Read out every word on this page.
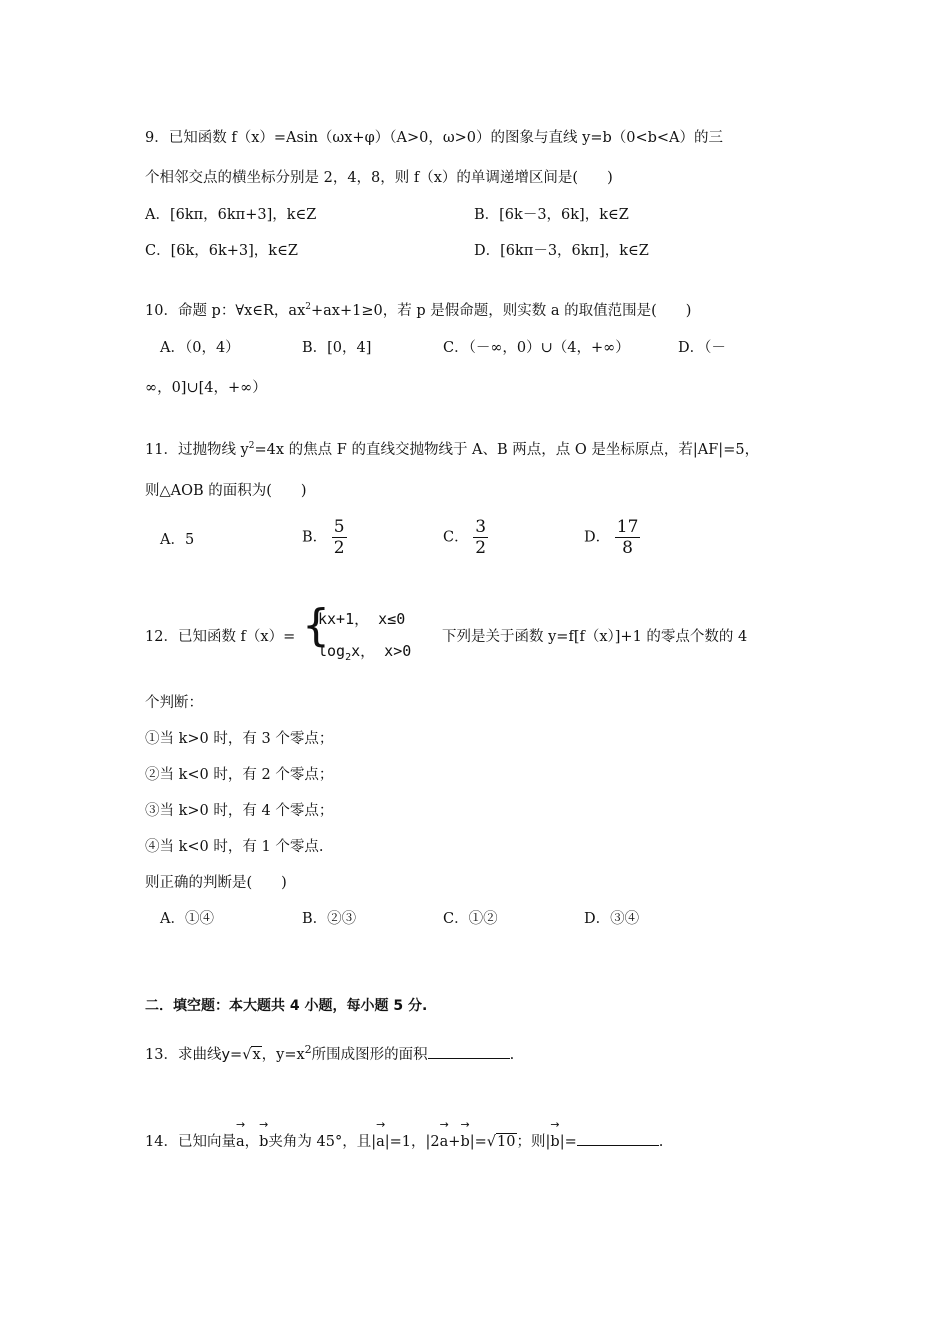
9．已知函数 f（x）=Asin（ωx+φ）（A>0，ω>0）的图象与直线 y=b（0<b<A）的三
个相邻交点的横坐标分别是 2，4，8，则 f（x）的单调递增区间是(　　)
A．[6kπ，6kπ+3]，k∈Z	B．[6k－3，6k]，k∈Z
C．[6k，6k+3]，k∈Z	D．[6kπ－3，6kπ]，k∈Z
10．命题 p：∀x∈R，$ax^2+ax+1\ge 0$，若 p 是假命题，则实数 a 的取值范围是(　　)
A．（0，4）	B．[0，4]	C．（－∞，0）∪（4，+∞）	D．（－
∞，0]∪[4，+∞）
11．过抛物线 $y^2=4x$ 的焦点 F 的直线交抛物线于 A、B 两点，点 O 是坐标原点，若|AF|=5，
则△AOB 的面积为(　　)
A．5	B． $\frac{5}{2}$	C． $\frac{3}{2}$	D． $\frac{17}{8}$
12．已知函数 f（x）= {
kx+1， x≤0
$\log_2x$， x>0
下列是关于函数 y=f[f（x）]+1 的零点个数的 4
个判断：
①当 k>0 时，有 3 个零点；
②当 k<0 时，有 2 个零点；
③当 k>0 时，有 4 个零点；
④当 k<0 时，有 1 个零点.
则正确的判断是(　　)
A．①④	B．②③	C．①②	D．③④
二．填空题：本大题共 4 小题，每小题 5 分.
13．求曲线y=√x，$y=x^2$所围成图形的面积	.
14．已知向量→ a，→ b夹角为 45°，且|→ a|=1，|2→ a+→ b|=√10；则|→ b|=	.
